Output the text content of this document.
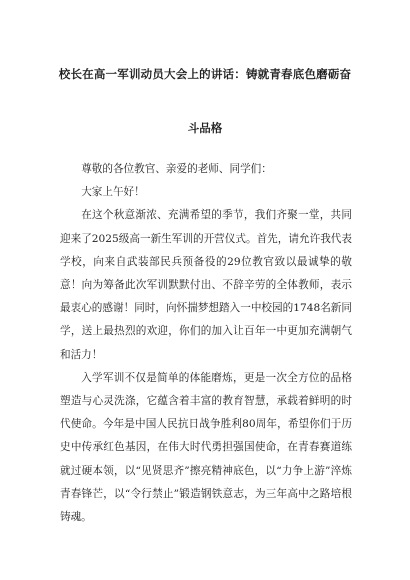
校长在高一军训动员大会上的讲话：铸就青春底色磨砺奋
斗品格

尊敬的各位教官、亲爱的老师、同学们：

大家上午好！

在这个秋意渐浓、充满希望的季节，我们齐聚一堂，共同迎来了2025级高一新生军训的开营仪式。首先，请允许我代表学校，向来自武装部民兵预备役的29位教官致以最诚挚的敬意！向为筹备此次军训默默付出、不辞辛劳的全体教师，表示最衷心的感谢！同时，向怀揣梦想踏入一中校园的1748名新同学，送上最热烈的欢迎，你们的加入让百年一中更加充满朝气和活力！

入学军训不仅是简单的体能磨炼，更是一次全方位的品格塑造与心灵洗涤，它蕴含着丰富的教育智慧，承载着鲜明的时代使命。今年是中国人民抗日战争胜利80周年，希望你们于历史中传承红色基因，在伟大时代勇担强国使命，在青春赛道练就过硬本领，以“见贤思齐”擦亮精神底色，以“力争上游”淬炼青春锋芒，以“令行禁止”锻造钢铁意志，为三年高中之路培根铸魂。
